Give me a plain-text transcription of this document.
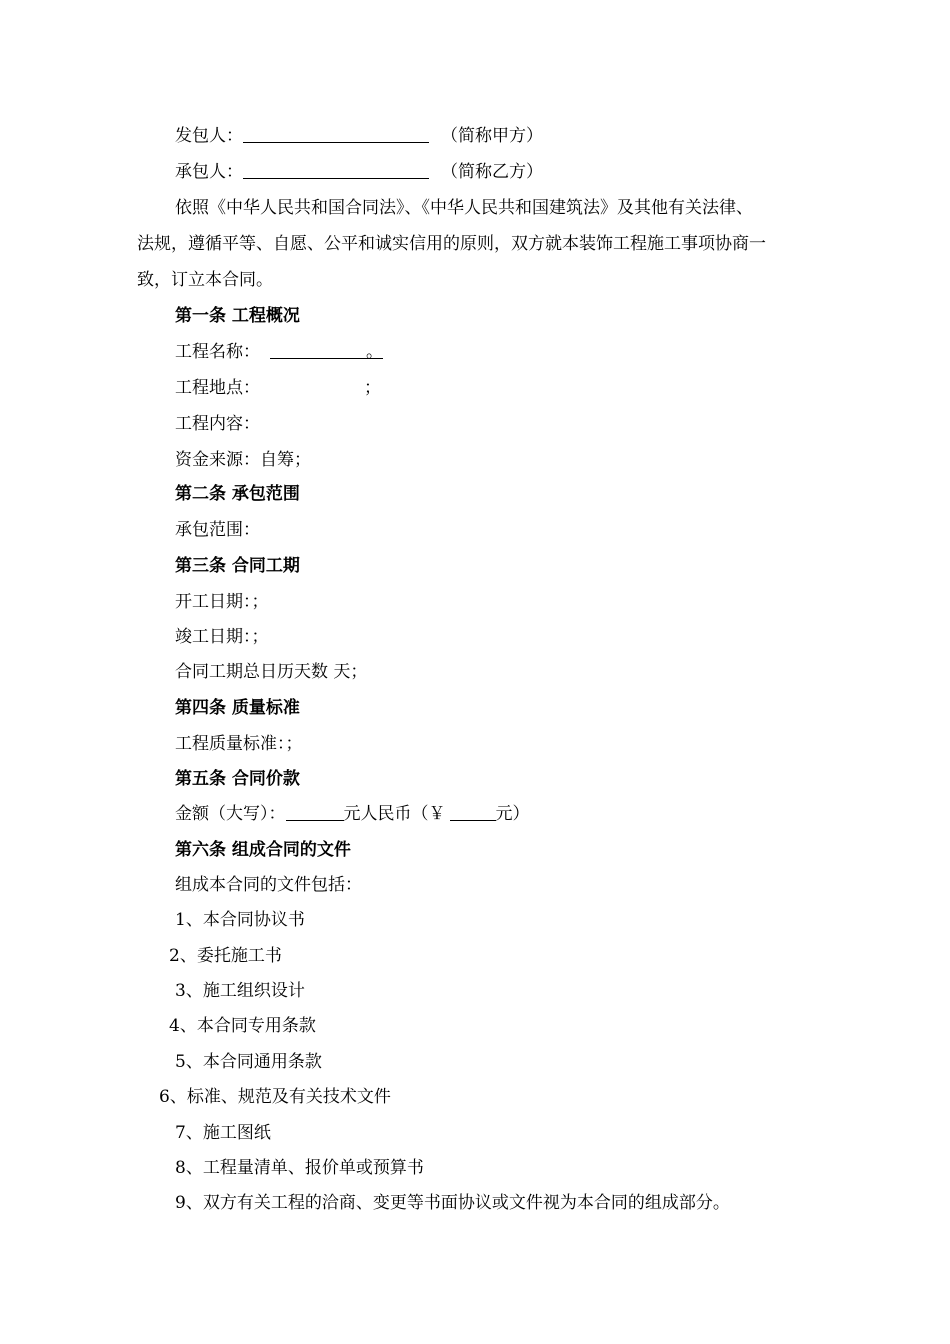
发包人：	（简称甲方）
承包人：	（简称乙方）
依照《中华人民共和国合同法》、《中华人民共和国建筑法》及其他有关法律、
法规，遵循平等、自愿、公平和诚实信用的原则，双方就本装饰工程施工事项协商一
致，订立本合同。
第一条 工程概况
工程名称：	。
工程地点：	；
工程内容：
资金来源：自筹；
第二条 承包范围
承包范围：
第三条 合同工期
开工日期：；
竣工日期：；
合同工期总日历天数 天；
第四条 质量标准
工程质量标准：；
第五条 合同价款
金额（大写）：	元人民币（￥	元）
第六条 组成合同的文件
组成本合同的文件包括：
1、本合同协议书
2、委托施工书
3、施工组织设计
4、本合同专用条款
5、本合同通用条款
6、标准、规范及有关技术文件
7、施工图纸
8、工程量清单、报价单或预算书
9、双方有关工程的洽商、变更等书面协议或文件视为本合同的组成部分。
